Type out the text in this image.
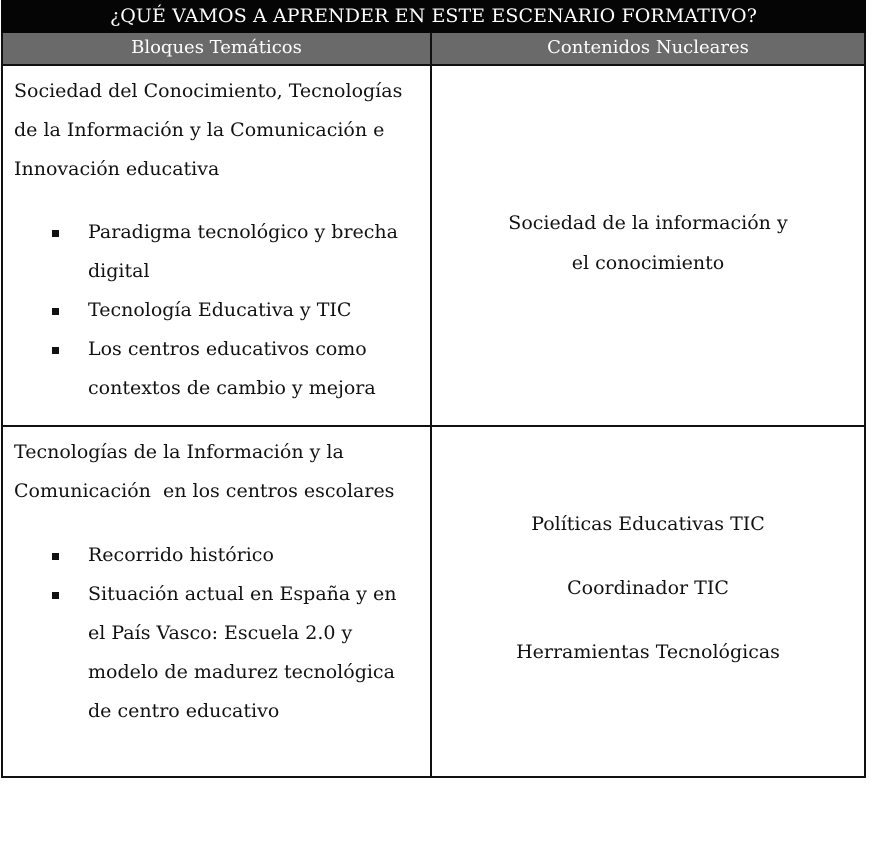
¿QUÉ VAMOS A APRENDER EN ESTE ESCENARIO FORMATIVO?
Bloques Temáticos	Contenidos Nucleares

Sociedad del Conocimiento, Tecnologías de la Información y la Comunicación e Innovación educativa

Paradigma tecnológico y brecha digital
Tecnología Educativa y TIC
Los centros educativos como contextos de cambio y mejora
Sociedad de la información y el conocimiento

Tecnologías de la Información y la Comunicación  en los centros escolares

Recorrido histórico
Situación actual en España y en el País Vasco: Escuela 2.0 y modelo de madurez tecnológica de centro educativo
Políticas Educativas TIC
Coordinador TIC
Herramientas Tecnológicas
